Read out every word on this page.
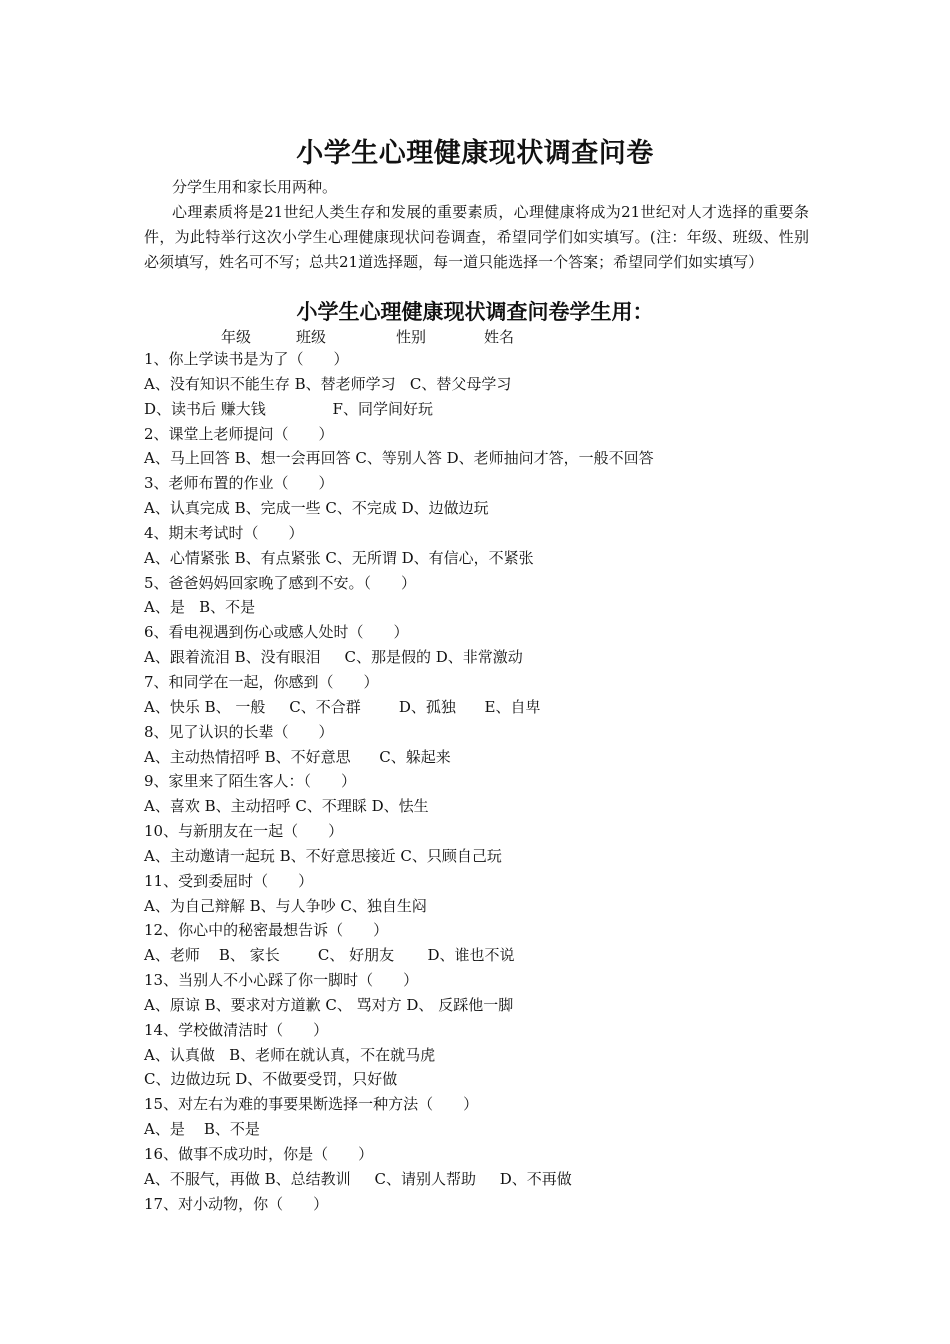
小学生心理健康现状调查问卷
分学生用和家长用两种。
心理素质将是21世纪人类生存和发展的重要素质，心理健康将成为21世纪对人才选择的重要条件，为此特举行这次小学生心理健康现状问卷调查，希望同学们如实填写。(注：年级、班级、性别必须填写，姓名可不写；总共21道选择题，每一道只能选择一个答案；希望同学们如实填写）
小学生心理健康现状调查问卷学生用：
年级	班级	性别	姓名
1、你上学读书是为了（　　）
A、没有知识不能生存 B、替老师学习   C、替父母学习
D、读书后 赚大钱              F、同学间好玩
2、课堂上老师提问（　　）
A、马上回答 B、想一会再回答 C、等别人答 D、老师抽问才答，一般不回答
3、老师布置的作业（　　）
A、认真完成 B、完成一些 C、不完成 D、边做边玩
4、期末考试时（　　）
A、心情紧张 B、有点紧张 C、无所谓 D、有信心，不紧张
5、爸爸妈妈回家晚了感到不安。（　　）
A、是   B、不是
6、看电视遇到伤心或感人处时（　　）
A、跟着流泪 B、没有眼泪     C、那是假的 D、非常激动
7、和同学在一起，你感到（　　）
A、快乐 B、 一般     C、不合群        D、孤独      E、自卑
8、见了认识的长辈（　　）
A、主动热情招呼 B、不好意思      C、躲起来
9、家里来了陌生客人：（　　）
A、喜欢 B、主动招呼 C、不理睬 D、怯生
10、与新朋友在一起（　　）
A、主动邀请一起玩 B、不好意思接近 C、只顾自己玩
11、受到委屈时（　　）
A、为自己辩解 B、与人争吵 C、独自生闷
12、你心中的秘密最想告诉（　　）
A、老师    B、 家长        C、 好朋友       D、谁也不说
13、当别人不小心踩了你一脚时（　　）
A、原谅 B、要求对方道歉 C、 骂对方 D、 反踩他一脚
14、学校做清洁时（　　）
A、认真做   B、老师在就认真，不在就马虎
C、边做边玩 D、不做要受罚，只好做
15、对左右为难的事要果断选择一种方法（　　）
A、是    B、不是
16、做事不成功时，你是（　　）
A、不服气，再做 B、总结教训     C、请别人帮助     D、不再做
17、对小动物，你（　　）
